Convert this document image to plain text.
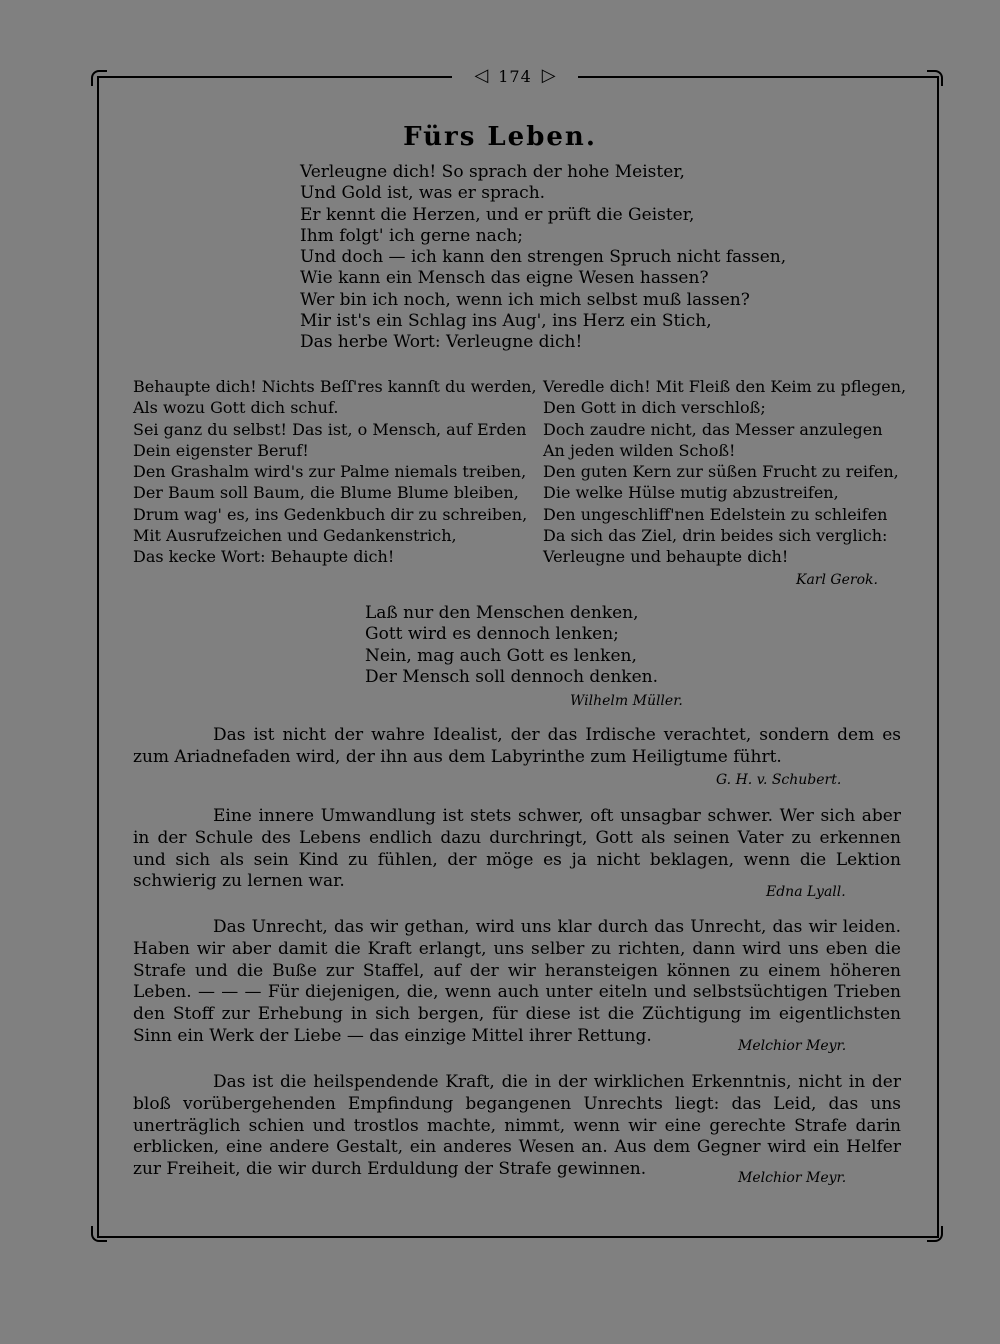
◁ 174 ▷
Fürs Leben.
Verleugne dich! So sprach der hohe Meister,
Und Gold ist, was er sprach.
Er kennt die Herzen, und er prüft die Geister,
Ihm folgt' ich gerne nach;
Und doch — ich kann den strengen Spruch nicht fassen,
Wie kann ein Mensch das eigne Wesen hassen?
Wer bin ich noch, wenn ich mich selbst muß lassen?
Mir ist's ein Schlag ins Aug', ins Herz ein Stich,
Das herbe Wort: Verleugne dich!
Behaupte dich! Nichts Beſſ'res kannſt du werden,
Als wozu Gott dich schuf.
Sei ganz du selbst! Das ist, o Mensch, auf Erden
Dein eigenster Beruf!
Den Grashalm wird's zur Palme niemals treiben,
Der Baum soll Baum, die Blume Blume bleiben,
Drum wag' es, ins Gedenkbuch dir zu schreiben,
Mit Ausrufzeichen und Gedankenstrich,
Das kecke Wort: Behaupte dich!
Veredle dich! Mit Fleiß den Keim zu pflegen,
Den Gott in dich verschloß;
Doch zaudre nicht, das Messer anzulegen
An jeden wilden Schoß!
Den guten Kern zur süßen Frucht zu reifen,
Die welke Hülse mutig abzustreifen,
Den ungeschliff'nen Edelstein zu schleifen
Da sich das Ziel, drin beides sich verglich:
Verleugne und behaupte dich!
Karl Gerok.
Laß nur den Menschen denken,
Gott wird es dennoch lenken;
Nein, mag auch Gott es lenken,
Der Mensch soll dennoch denken.
Wilhelm Müller.

Das ist nicht der wahre Idealist, der das Irdische verachtet, sondern dem es zum Ariadnefaden wird, der ihn aus dem Labyrinthe zum Heiligtume führt.

G. H. v. Schubert.

Eine innere Umwandlung ist stets schwer, oft unsagbar schwer. Wer sich aber in der Schule des Lebens endlich dazu durchringt, Gott als seinen Vater zu erkennen und sich als sein Kind zu fühlen, der möge es ja nicht beklagen, wenn die Lektion schwierig zu lernen war.

Edna Lyall.

Das Unrecht, das wir gethan, wird uns klar durch das Unrecht, das wir leiden. Haben wir aber damit die Kraft erlangt, uns selber zu richten, dann wird uns eben die Strafe und die Buße zur Staffel, auf der wir heransteigen können zu einem höheren Leben. — — — Für diejenigen, die, wenn auch unter eiteln und selbstsüchtigen Trieben den Stoff zur Erhebung in sich bergen, für diese ist die Züchtigung im eigentlichsten Sinn ein Werk der Liebe — das einzige Mittel ihrer Rettung.

Melchior Meyr.

Das ist die heilspendende Kraft, die in der wirklichen Erkenntnis, nicht in der bloß vorübergehenden Empfindung begangenen Unrechts liegt: das Leid, das uns unerträglich schien und trostlos machte, nimmt, wenn wir eine gerechte Strafe darin erblicken, eine andere Gestalt, ein anderes Wesen an. Aus dem Gegner wird ein Helfer zur Freiheit, die wir durch Erduldung der Strafe gewinnen.	Melchior Meyr.
